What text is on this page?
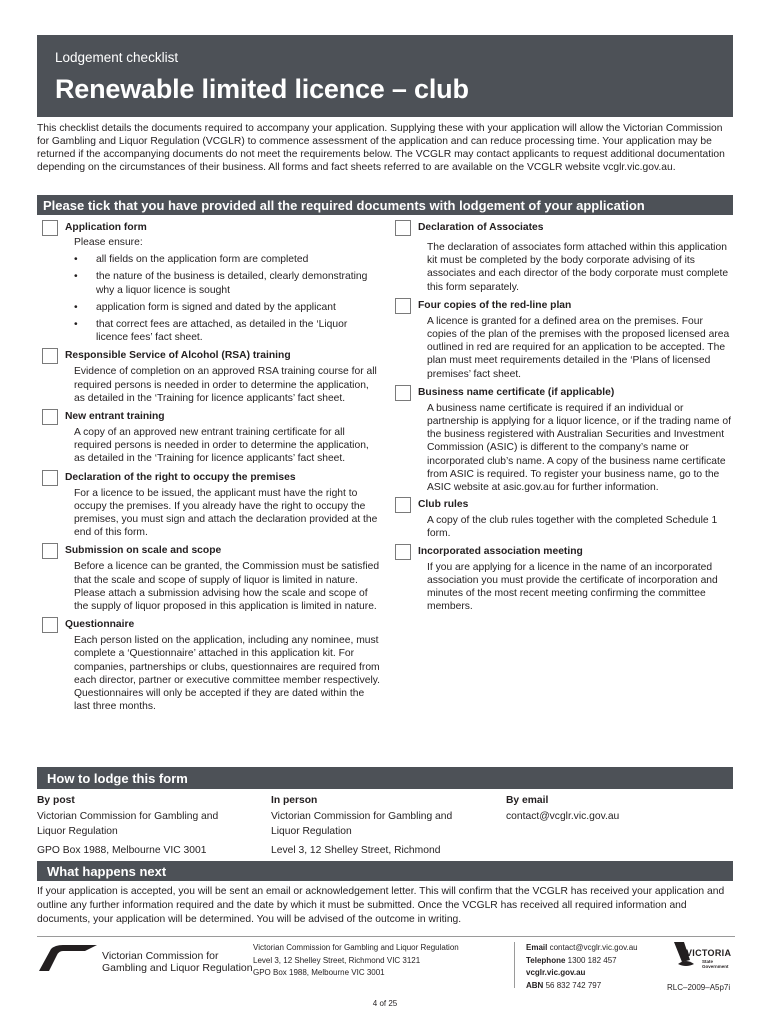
Lodgement checklist
Renewable limited licence – club

This checklist details the documents required to accompany your application. Supplying these with your application will allow the Victorian Commission for Gambling and Liquor Regulation (VCGLR) to commence assessment of the application and can reduce processing time. Your application may be returned if the accompanying documents do not meet the requirements below. The VCGLR may contact applicants to request additional documentation depending on the circumstances of their business. All forms and fact sheets referred to are available on the VCGLR website vcglr.vic.gov.au.

Please tick that you have provided all the required documents with lodgement of your application
Application form
Please ensure:
• all fields on the application form are completed
• the nature of the business is detailed, clearly demonstrating why a liquor licence is sought
• application form is signed and dated by the applicant
• that correct fees are attached, as detailed in the ‘Liquor licence fees’ fact sheet.
Responsible Service of Alcohol (RSA) training
Evidence of completion on an approved RSA training course for all required persons is needed in order to determine the application, as detailed in the ‘Training for licence applicants’ fact sheet.
New entrant training
A copy of an approved new entrant training certificate for all required persons is needed in order to determine the application, as detailed in the ‘Training for licence applicants’ fact sheet.
Declaration of the right to occupy the premises
For a licence to be issued, the applicant must have the right to occupy the premises. If you already have the right to occupy the premises, you must sign and attach the declaration provided at the end of this form.
Submission on scale and scope
Before a licence can be granted, the Commission must be satisfied that the scale and scope of supply of liquor is limited in nature. Please attach a submission advising how the scale and scope of the supply of liquor proposed in this application is limited in nature.
Questionnaire
Each person listed on the application, including any nominee, must complete a ‘Questionnaire’ attached in this application kit. For companies, partnerships or clubs, questionnaires are required from each director, partner or executive committee member respectively. Questionnaires will only be accepted if they are dated within the last three months.
Declaration of Associates
The declaration of associates form attached within this application kit must be completed by the body corporate advising of its associates and each director of the body corporate must complete this form separately.
Four copies of the red-line plan
A licence is granted for a defined area on the premises. Four copies of the plan of the premises with the proposed licensed area outlined in red are required for an application to be accepted. The plan must meet requirements detailed in the ‘Plans of licensed premises’ fact sheet.
Business name certificate (if applicable)
A business name certificate is required if an individual or partnership is applying for a liquor licence, or if the trading name of the business registered with Australian Securities and Investment Commission (ASIC) is different to the company’s name or incorporated club’s name. A copy of the business name certificate from ASIC is required. To register your business name, go to the ASIC website at asic.gov.au for further information.
Club rules
A copy of the club rules together with the completed Schedule 1 form.
Incorporated association meeting
If you are applying for a licence in the name of an incorporated association you must provide the certificate of incorporation and minutes of the most recent meeting confirming the committee members.
How to lodge this form
By post
Victorian Commission for Gambling and
Liquor Regulation
GPO Box 1988, Melbourne VIC 3001
In person
Victorian Commission for Gambling and
Liquor Regulation
Level 3, 12 Shelley Street, Richmond
By email
contact@vcglr.vic.gov.au
What happens next

If your application is accepted, you will be sent an email or acknowledgement letter. This will confirm that the VCGLR has received your application and outline any further information required and the date by which it must be submitted. Once the VCGLR has received all required information and documents, your application will be determined. You will be advised of the outcome in writing.

Victorian Commission for
Gambling and Liquor Regulation
Victorian Commission for Gambling and Liquor Regulation
Level 3, 12 Shelley Street, Richmond VIC 3121
GPO Box 1988, Melbourne VIC 3001
Email contact@vcglr.vic.gov.au
Telephone 1300 182 457
vcglr.vic.gov.au
ABN 56 832 742 797
VICTORIA
State
Government
RLC–2009–A5p7i
4 of 25
